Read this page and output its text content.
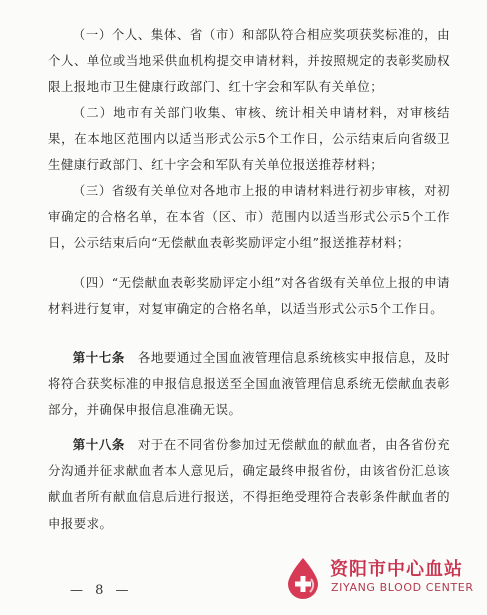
（一）个人、集体、省（市）和部队符合相应奖项获奖标准的，由个人、单位或当地采供血机构提交申请材料，并按照规定的表彰奖励权限上报地市卫生健康行政部门、红十字会和军队有关单位；

（二）地市有关部门收集、审核、统计相关申请材料，对审核结果，在本地区范围内以适当形式公示5个工作日，公示结束后向省级卫生健康行政部门、红十字会和军队有关单位报送推荐材料；

（三）省级有关单位对各地市上报的申请材料进行初步审核，对初审确定的合格名单，在本省（区、市）范围内以适当形式公示5个工作日，公示结束后向“无偿献血表彰奖励评定小组”报送推荐材料；

（四）“无偿献血表彰奖励评定小组”对各省级有关单位上报的申请材料进行复审，对复审确定的合格名单，以适当形式公示5个工作日。

第十七条　各地要通过全国血液管理信息系统核实申报信息，及时将符合获奖标准的申报信息报送至全国血液管理信息系统无偿献血表彰部分，并确保申报信息准确无误。

第十八条　对于在不同省份参加过无偿献血的献血者，由各省份充分沟通并征求献血者本人意见后，确定最终申报省份，由该省份汇总该献血者所有献血信息后进行报送，不得拒绝受理符合表彰条件献血者的申报要求。

— 8 —
资阳市中心血站
ZIYANG BLOOD CENTER
